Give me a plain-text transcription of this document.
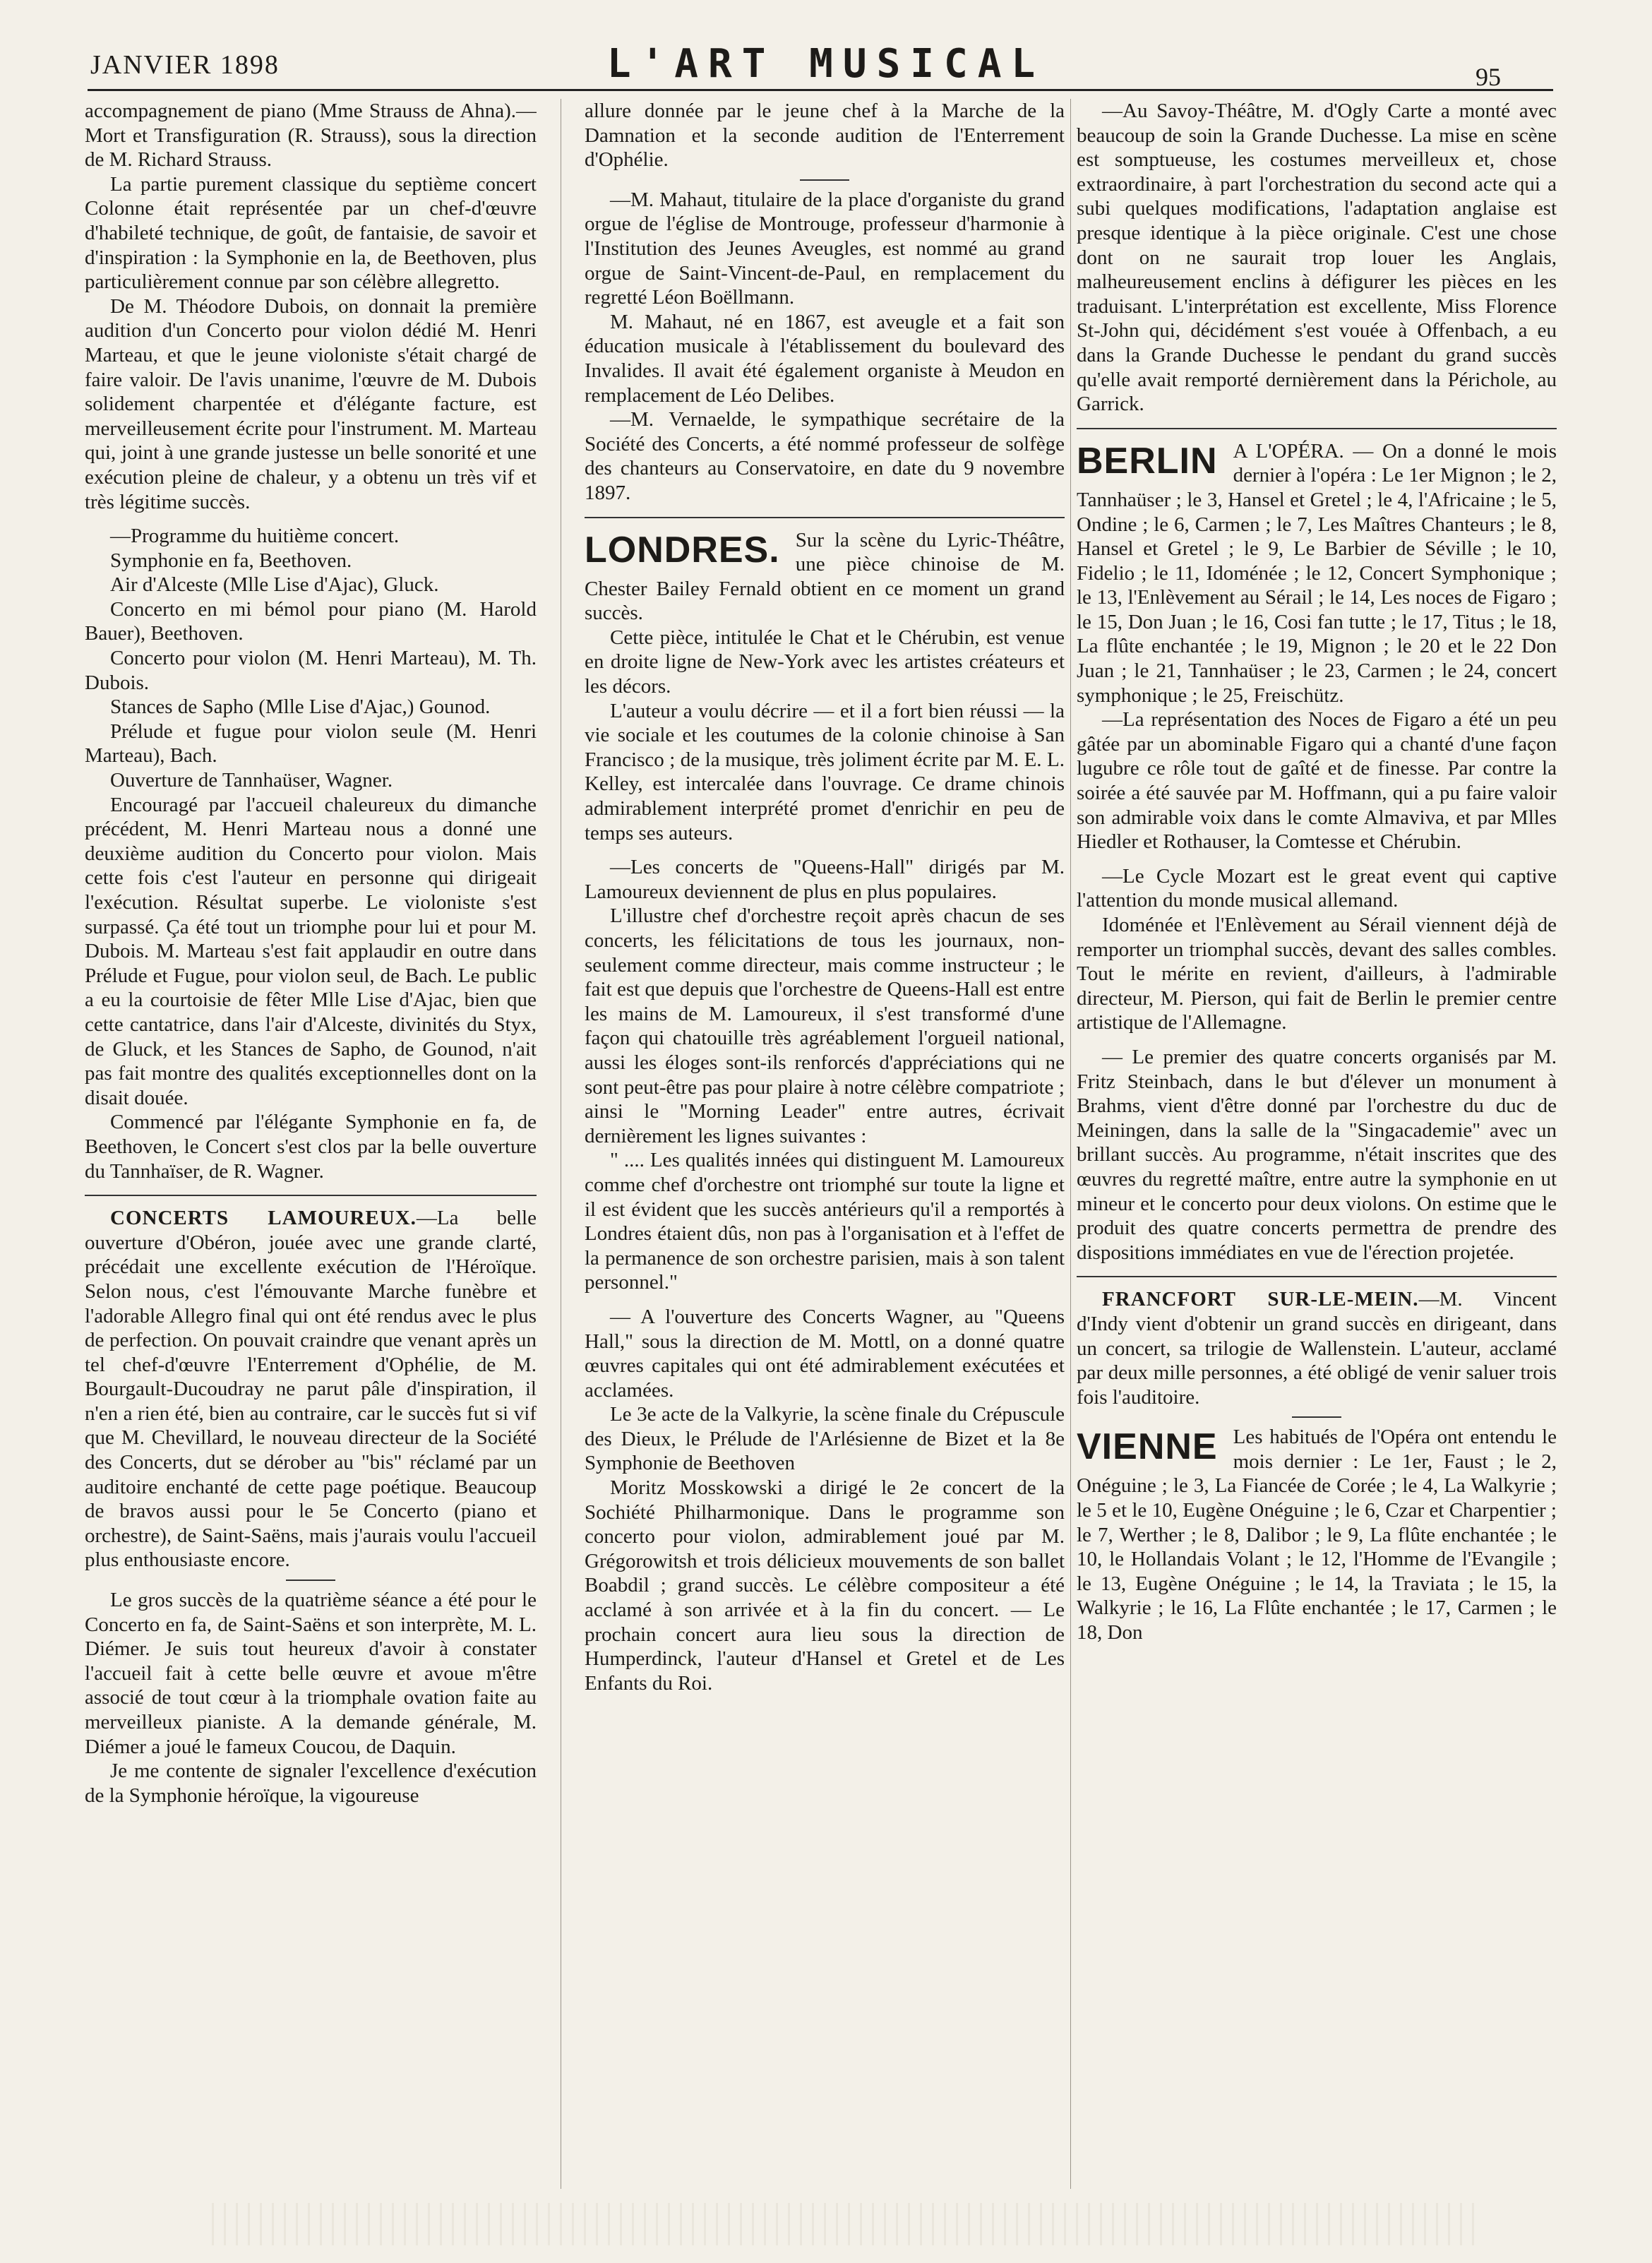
JANVIER 1898	L'ART MUSICAL	95

accompagnement de piano (Mme Strauss de Ahna).—Mort et Transfiguration (R. Strauss), sous la direction de M. Richard Strauss.

La partie purement classique du septième concert Colonne était représentée par un chef-d'œuvre d'habileté technique, de goût, de fantaisie, de savoir et d'inspiration : la Symphonie en la, de Beethoven, plus particulièrement connue par son célèbre allegretto.

De M. Théodore Dubois, on donnait la première audition d'un Concerto pour violon dédié M. Henri Marteau, et que le jeune violoniste s'était chargé de faire valoir. De l'avis unanime, l'œuvre de M. Dubois solidement charpentée et d'élégante facture, est merveilleusement écrite pour l'instrument. M. Marteau qui, joint à une grande justesse un belle sonorité et une exécution pleine de chaleur, y a obtenu un très vif et très légitime succès.

—Programme du huitième concert.

Symphonie en fa, Beethoven.

Air d'Alceste (Mlle Lise d'Ajac), Gluck.

Concerto en mi bémol pour piano (M. Harold Bauer), Beethoven.

Concerto pour violon (M. Henri Marteau), M. Th. Dubois.

Stances de Sapho (Mlle Lise d'Ajac,) Gounod.

Prélude et fugue pour violon seule (M. Henri Marteau), Bach.

Ouverture de Tannhaüser, Wagner.

Encouragé par l'accueil chaleureux du dimanche précédent, M. Henri Marteau nous a donné une deuxième audition du Concerto pour violon. Mais cette fois c'est l'auteur en personne qui dirigeait l'exécution. Résultat superbe. Le violoniste s'est surpassé. Ça été tout un triomphe pour lui et pour M. Dubois. M. Marteau s'est fait applaudir en outre dans Prélude et Fugue, pour violon seul, de Bach. Le public a eu la courtoisie de fêter Mlle Lise d'Ajac, bien que cette cantatrice, dans l'air d'Alceste, divinités du Styx, de Gluck, et les Stances de Sapho, de Gounod, n'ait pas fait montre des qualités exceptionnelles dont on la disait douée.

Commencé par l'élégante Symphonie en fa, de Beethoven, le Concert s'est clos par la belle ouverture du Tannhaïser, de R. Wagner.

CONCERTS LAMOUREUX.—La belle ouverture d'Obéron, jouée avec une grande clarté, précédait une excellente exécution de l'Héroïque. Selon nous, c'est l'émouvante Marche funèbre et l'adorable Allegro final qui ont été rendus avec le plus de perfection. On pouvait craindre que venant après un tel chef-d'œuvre l'Enterrement d'Ophélie, de M. Bourgault-Ducoudray ne parut pâle d'inspiration, il n'en a rien été, bien au contraire, car le succès fut si vif que M. Chevillard, le nouveau directeur de la Société des Concerts, dut se dérober au "bis" réclamé par un auditoire enchanté de cette page poétique. Beaucoup de bravos aussi pour le 5e Concerto (piano et orchestre), de Saint-Saëns, mais j'aurais voulu l'accueil plus enthousiaste encore.

Le gros succès de la quatrième séance a été pour le Concerto en fa, de Saint-Saëns et son interprète, M. L. Diémer. Je suis tout heureux d'avoir à constater l'accueil fait à cette belle œuvre et avoue m'être associé de tout cœur à la triomphale ovation faite au merveilleux pianiste. A la demande générale, M. Diémer a joué le fameux Coucou, de Daquin.

Je me contente de signaler l'excellence d'exécution de la Symphonie héroïque, la vigoureuse

allure donnée par le jeune chef à la Marche de la Damnation et la seconde audition de l'Enterrement d'Ophélie.

—M. Mahaut, titulaire de la place d'organiste du grand orgue de l'église de Montrouge, professeur d'harmonie à l'Institution des Jeunes Aveugles, est nommé au grand orgue de Saint-Vincent-de-Paul, en remplacement du regretté Léon Boëllmann.

M. Mahaut, né en 1867, est aveugle et a fait son éducation musicale à l'établissement du boulevard des Invalides. Il avait été également organiste à Meudon en remplacement de Léo Delibes.

—M. Vernaelde, le sympathique secrétaire de la Société des Concerts, a été nommé professeur de solfège des chanteurs au Conservatoire, en date du 9 novembre 1897.

LONDRES. Sur la scène du Lyric-Théâtre, une pièce chinoise de M. Chester Bailey Fernald obtient en ce moment un grand succès.

Cette pièce, intitulée le Chat et le Chérubin, est venue en droite ligne de New-York avec les artistes créateurs et les décors.

L'auteur a voulu décrire — et il a fort bien réussi — la vie sociale et les coutumes de la colonie chinoise à San Francisco ; de la musique, très joliment écrite par M. E. L. Kelley, est intercalée dans l'ouvrage. Ce drame chinois admirablement interprété promet d'enrichir en peu de temps ses auteurs.

—Les concerts de "Queens-Hall" dirigés par M. Lamoureux deviennent de plus en plus populaires.

L'illustre chef d'orchestre reçoit après chacun de ses concerts, les félicitations de tous les journaux, non-seulement comme directeur, mais comme instructeur ; le fait est que depuis que l'orchestre de Queens-Hall est entre les mains de M. Lamoureux, il s'est transformé d'une façon qui chatouille très agréablement l'orgueil national, aussi les éloges sont-ils renforcés d'appréciations qui ne sont peut-être pas pour plaire à notre célèbre compatriote ; ainsi le "Morning Leader" entre autres, écrivait dernièrement les lignes suivantes :

" .... Les qualités innées qui distinguent M. Lamoureux comme chef d'orchestre ont triomphé sur toute la ligne et il est évident que les succès antérieurs qu'il a remportés à Londres étaient dûs, non pas à l'organisation et à l'effet de la permanence de son orchestre parisien, mais à son talent personnel."

— A l'ouverture des Concerts Wagner, au "Queens Hall," sous la direction de M. Mottl, on a donné quatre œuvres capitales qui ont été admirablement exécutées et acclamées.

Le 3e acte de la Valkyrie, la scène finale du Crépuscule des Dieux, le Prélude de l'Arlésienne de Bizet et la 8e Symphonie de Beethoven

Moritz Mosskowski a dirigé le 2e concert de la Sochiété Philharmonique. Dans le programme son concerto pour violon, admirablement joué par M. Grégorowitsh et trois délicieux mouvements de son ballet Boabdil ; grand succès. Le célèbre compositeur a été acclamé à son arrivée et à la fin du concert. — Le prochain concert aura lieu sous la direction de Humperdinck, l'auteur d'Hansel et Gretel et de Les Enfants du Roi.

—Au Savoy-Théâtre, M. d'Ogly Carte a monté avec beaucoup de soin la Grande Duchesse. La mise en scène est somptueuse, les costumes merveilleux et, chose extraordinaire, à part l'orchestration du second acte qui a subi quelques modifications, l'adaptation anglaise est presque identique à la pièce originale. C'est une chose dont on ne saurait trop louer les Anglais, malheureusement enclins à défigurer les pièces en les traduisant. L'interprétation est excellente, Miss Florence St-John qui, décidément s'est vouée à Offenbach, a eu dans la Grande Duchesse le pendant du grand succès qu'elle avait remporté dernièrement dans la Périchole, au Garrick.

BERLIN A L'OPÉRA. — On a donné le mois dernier à l'opéra : Le 1er Mignon ; le 2, Tannhaüser ; le 3, Hansel et Gretel ; le 4, l'Africaine ; le 5, Ondine ; le 6, Carmen ; le 7, Les Maîtres Chanteurs ; le 8, Hansel et Gretel ; le 9, Le Barbier de Séville ; le 10, Fidelio ; le 11, Idoménée ; le 12, Concert Symphonique ; le 13, l'Enlèvement au Sérail ; le 14, Les noces de Figaro ; le 15, Don Juan ; le 16, Cosi fan tutte ; le 17, Titus ; le 18, La flûte enchantée ; le 19, Mignon ; le 20 et le 22 Don Juan ; le 21, Tannhaüser ; le 23, Carmen ; le 24, concert symphonique ; le 25, Freischütz.

—La représentation des Noces de Figaro a été un peu gâtée par un abominable Figaro qui a chanté d'une façon lugubre ce rôle tout de gaîté et de finesse. Par contre la soirée a été sauvée par M. Hoffmann, qui a pu faire valoir son admirable voix dans le comte Almaviva, et par Mlles Hiedler et Rothauser, la Comtesse et Chérubin.

—Le Cycle Mozart est le great event qui captive l'attention du monde musical allemand.

Idoménée et l'Enlèvement au Sérail viennent déjà de remporter un triomphal succès, devant des salles combles. Tout le mérite en revient, d'ailleurs, à l'admirable directeur, M. Pierson, qui fait de Berlin le premier centre artistique de l'Allemagne.

— Le premier des quatre concerts organisés par M. Fritz Steinbach, dans le but d'élever un monument à Brahms, vient d'être donné par l'orchestre du duc de Meiningen, dans la salle de la "Singacademie" avec un brillant succès. Au programme, n'était inscrites que des œuvres du regretté maître, entre autre la symphonie en ut mineur et le concerto pour deux violons. On estime que le produit des quatre concerts permettra de prendre des dispositions immédiates en vue de l'érection projetée.

FRANCFORT SUR-LE-MEIN.—M. Vincent d'Indy vient d'obtenir un grand succès en dirigeant, dans un concert, sa trilogie de Wallenstein. L'auteur, acclamé par deux mille personnes, a été obligé de venir saluer trois fois l'auditoire.

VIENNE Les habitués de l'Opéra ont entendu le mois dernier : Le 1er, Faust ; le 2, Onéguine ; le 3, La Fiancée de Corée ; le 4, La Walkyrie ; le 5 et le 10, Eugène Onéguine ; le 6, Czar et Charpentier ; le 7, Werther ; le 8, Dalibor ; le 9, La flûte enchantée ; le 10, le Hollandais Volant ; le 12, l'Homme de l'Evangile ; le 13, Eugène Onéguine ; le 14, la Traviata ; le 15, la Walkyrie ; le 16, La Flûte enchantée ; le 17, Carmen ; le 18, Don
